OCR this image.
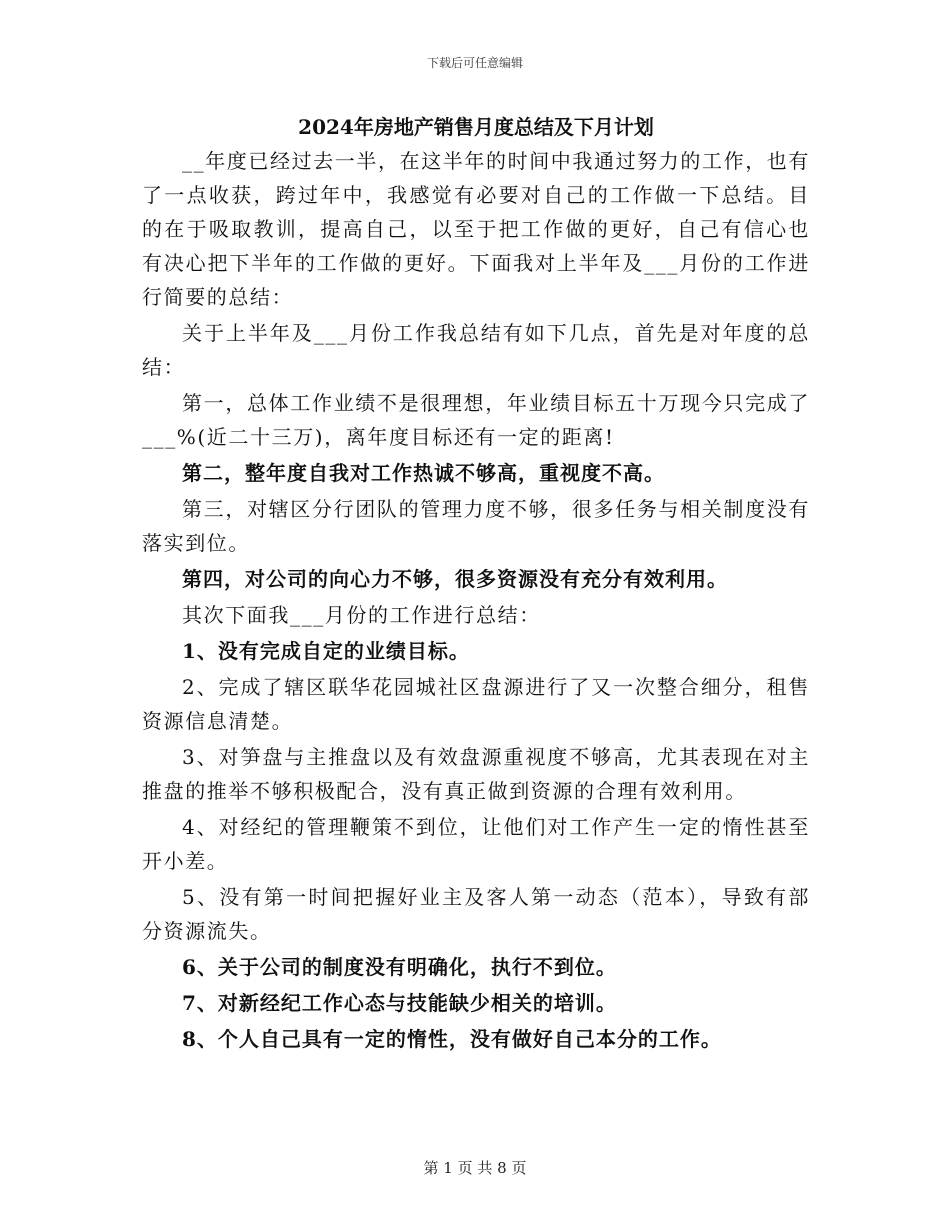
下载后可任意编辑
2024年房地产销售月度总结及下月计划

__年度已经过去一半，在这半年的时间中我通过努力的工作，也有了一点收获，跨过年中，我感觉有必要对自己的工作做一下总结。目的在于吸取教训，提高自己，以至于把工作做的更好，自己有信心也有决心把下半年的工作做的更好。下面我对上半年及___月份的工作进行简要的总结：

关于上半年及___月份工作我总结有如下几点，首先是对年度的总结：

第一，总体工作业绩不是很理想，年业绩目标五十万现今只完成了___%(近二十三万)，离年度目标还有一定的距离!

第二，整年度自我对工作热诚不够高，重视度不高。

第三，对辖区分行团队的管理力度不够，很多任务与相关制度没有落实到位。

第四，对公司的向心力不够，很多资源没有充分有效利用。

其次下面我___月份的工作进行总结：

1、没有完成自定的业绩目标。

2、完成了辖区联华花园城社区盘源进行了又一次整合细分，租售资源信息清楚。

3、对笋盘与主推盘以及有效盘源重视度不够高，尤其表现在对主推盘的推举不够积极配合，没有真正做到资源的合理有效利用。

4、对经纪的管理鞭策不到位，让他们对工作产生一定的惰性甚至开小差。

5、没有第一时间把握好业主及客人第一动态（范本），导致有部分资源流失。

6、关于公司的制度没有明确化，执行不到位。

7、对新经纪工作心态与技能缺少相关的培训。

8、个人自己具有一定的惰性，没有做好自己本分的工作。

第 1 页 共 8 页
